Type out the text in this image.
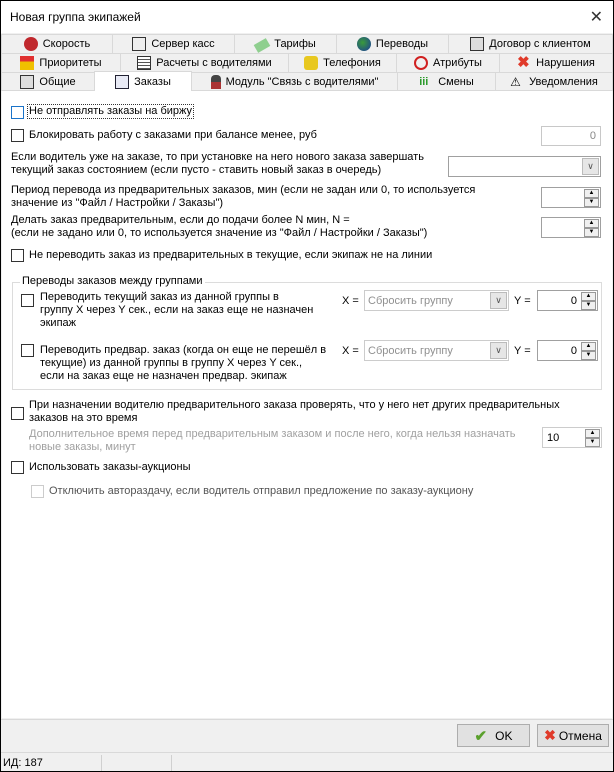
Новая группа экипажей	✕
Скорость	Сервер касс	Тарифы	Переводы	Договор с клиентом
Приоритеты	Расчеты с водителями	Телефония	Атрибуты ✖ Нарушения
Общие	Заказы	Модуль "Связь с водителями"	iii Смены	⚠ Уведомления
Не отправлять заказы на биржу
Блокировать работу с заказами при балансе менее, руб	0
Если водитель уже на заказе, то при установке на него нового заказа завершать
текущий заказ состоянием (если пусто - ставить новый заказ в очередь)	∨
Период перевода из предварительных заказов, мин (если не задан или 0, то используется
значение из "Файл / Настройки / Заказы")
▲
▼
Делать заказ предварительным, если до подачи более N мин, N =
(если не задано или 0, то используется значение из "Файл / Настройки / Заказы")
▲
▼
Не переводить заказ из предварительных в текущие, если экипаж не на линии
Переводы заказов между группами
Переводить текущий заказ из данной группы в
группу X через Y сек., если на заказ еще не назначен
экипаж
X = Сбросить группу	∨	Y =	0	▲
▼
Переводить предвар. заказ (когда он еще не перешёл в
текущие) из данной группы в группу X через Y сек.,
если на заказ еще не назначен предвар. экипаж
X = Сбросить группу	∨	Y =	0	▲
▼
При назначении водителю предварительного заказа проверять, что у него нет других предварительных
заказов на это время
Дополнительное время перед предварительным заказом и после него, когда нельзя назначать
новые заказы, минут
10	▲
▼
Использовать заказы-аукционы
Отключить автораздачу, если водитель отправил предложение по заказу-аукциону
✔ OK ✖ Отмена
ИД: 187
